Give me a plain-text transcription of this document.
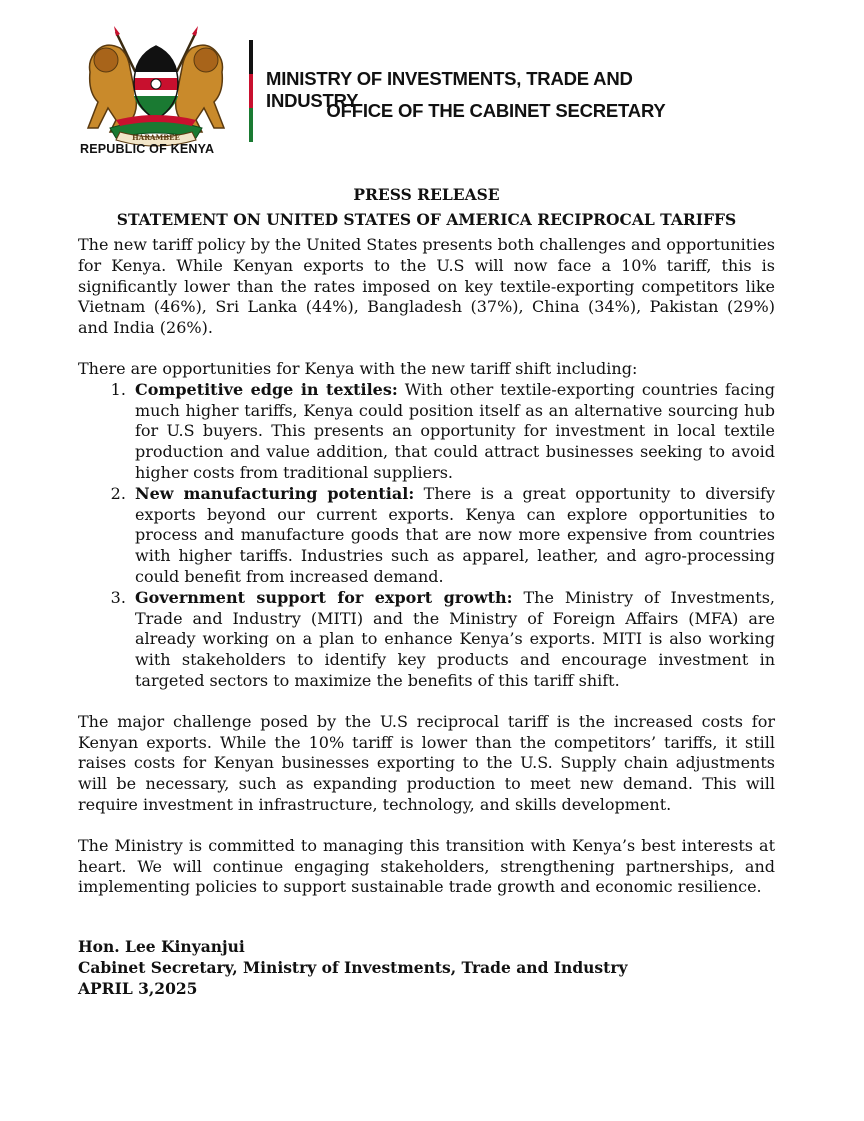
HARAMBEE
REPUBLIC OF KENYA
MINISTRY OF INVESTMENTS, TRADE AND INDUSTRY
OFFICE OF THE CABINET SECRETARY
PRESS RELEASE
STATEMENT ON UNITED STATES OF AMERICA RECIPROCAL TARIFFS

The new tariff policy by the United States presents both challenges and opportunities for Kenya. While Kenyan exports to the U.S will now face a 10% tariff, this is significantly lower than the rates imposed on key textile-exporting competitors like Vietnam (46%), Sri Lanka (44%), Bangladesh (37%), China (34%), Pakistan (29%) and India (26%).

There are opportunities for Kenya with the new tariff shift including:

1. Competitive edge in textiles: With other textile-exporting countries facing much higher tariffs, Kenya could position itself as an alternative sourcing hub for U.S buyers. This presents an opportunity for investment in local textile production and value addition, that could attract businesses seeking to avoid higher costs from traditional suppliers.
2. New manufacturing potential: There is a great opportunity to diversify exports beyond our current exports. Kenya can explore opportunities to process and manufacture goods that are now more expensive from countries with higher tariffs. Industries such as apparel, leather, and agro-processing could benefit from increased demand.
3. Government support for export growth: The Ministry of Investments, Trade and Industry (MITI) and the Ministry of Foreign Affairs (MFA) are already working on a plan to enhance Kenya’s exports. MITI is also working with stakeholders to identify key products and encourage investment in targeted sectors to maximize the benefits of this tariff shift.

The major challenge posed by the U.S reciprocal tariff is the increased costs for Kenyan exports. While the 10% tariff is lower than the competitors’ tariffs, it still raises costs for Kenyan businesses exporting to the U.S. Supply chain adjustments will be necessary, such as expanding production to meet new demand. This will require investment in infrastructure, technology, and skills development.

The Ministry is committed to managing this transition with Kenya’s best interests at heart. We will continue engaging stakeholders, strengthening partnerships, and implementing policies to support sustainable trade growth and economic resilience.

Hon. Lee Kinyanjui

Cabinet Secretary, Ministry of Investments, Trade and Industry

APRIL 3,2025
